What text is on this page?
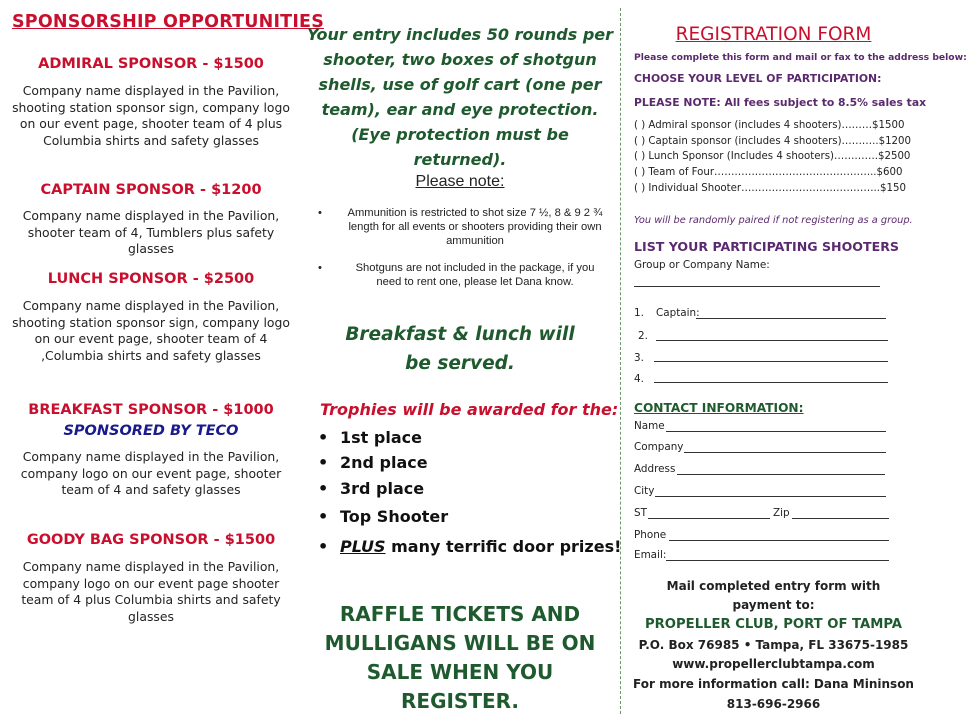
SPONSORSHIP OPPORTUNITIES
ADMIRAL SPONSOR - $1500
Company name displayed in the Pavilion, shooting station sponsor sign, company logo on our event page, shooter team of 4 plus Columbia shirts and safety glasses
CAPTAIN SPONSOR - $1200
Company name displayed in the Pavilion, shooter team of 4, Tumblers plus safety glasses
LUNCH SPONSOR - $2500
Company name displayed in the Pavilion, shooting station sponsor sign, company logo on our event page, shooter team of 4 ,Columbia shirts and safety glasses
BREAKFAST SPONSOR - $1000
SPONSORED BY TECO
Company name displayed in the Pavilion, company logo on our event page, shooter team of 4 and safety glasses
GOODY BAG SPONSOR - $1500
Company name displayed in the Pavilion, company logo on our event page shooter team of 4 plus Columbia shirts and safety glasses
Your entry includes 50 rounds per
shooter, two boxes of shotgun
shells, use of golf cart (one per
team), ear and eye protection.
(Eye protection must be returned).
Please note:
•	Ammunition is restricted to shot size 7 ½, 8 & 9 2 ¾ length for all events or shooters providing their own ammunition
•	Shotguns are not included in the package, if you need to rent one, please let Dana know.
Breakfast & lunch will
be served.
Trophies will be awarded for the:
• 1st place
• 2nd place
• 3rd place
• Top Shooter
• PLUS many terrific door prizes!
RAFFLE TICKETS AND
MULLIGANS WILL BE ON
SALE WHEN YOU
REGISTER.
REGISTRATION FORM
Please complete this form and mail or fax to the address below:
CHOOSE YOUR LEVEL OF PARTICIPATION:
PLEASE NOTE: All fees subject to 8.5% sales tax
( ) Admiral sponsor (includes 4 shooters)………$1500
( ) Captain sponsor (includes 4 shooters)………..$1200
( ) Lunch Sponsor (Includes 4 shooters)………….$2500
( ) Team of Four………………………………………...$600
( ) Individual Shooter…………………………………..$150
You will be randomly paired if not registering as a group.
LIST YOUR PARTICIPATING SHOOTERS
Group or Company Name:
1. Captain:
2.
3.
4.
CONTACT INFORMATION:
Name
Company
Address
City
ST	Zip
Phone
Email:
Mail completed entry form with
payment to:
PROPELLER CLUB, PORT OF TAMPA
P.O. Box 76985 • Tampa, FL 33675-1985
www.propellerclubtampa.com
For more information call: Dana Mininson
813-696-2966
